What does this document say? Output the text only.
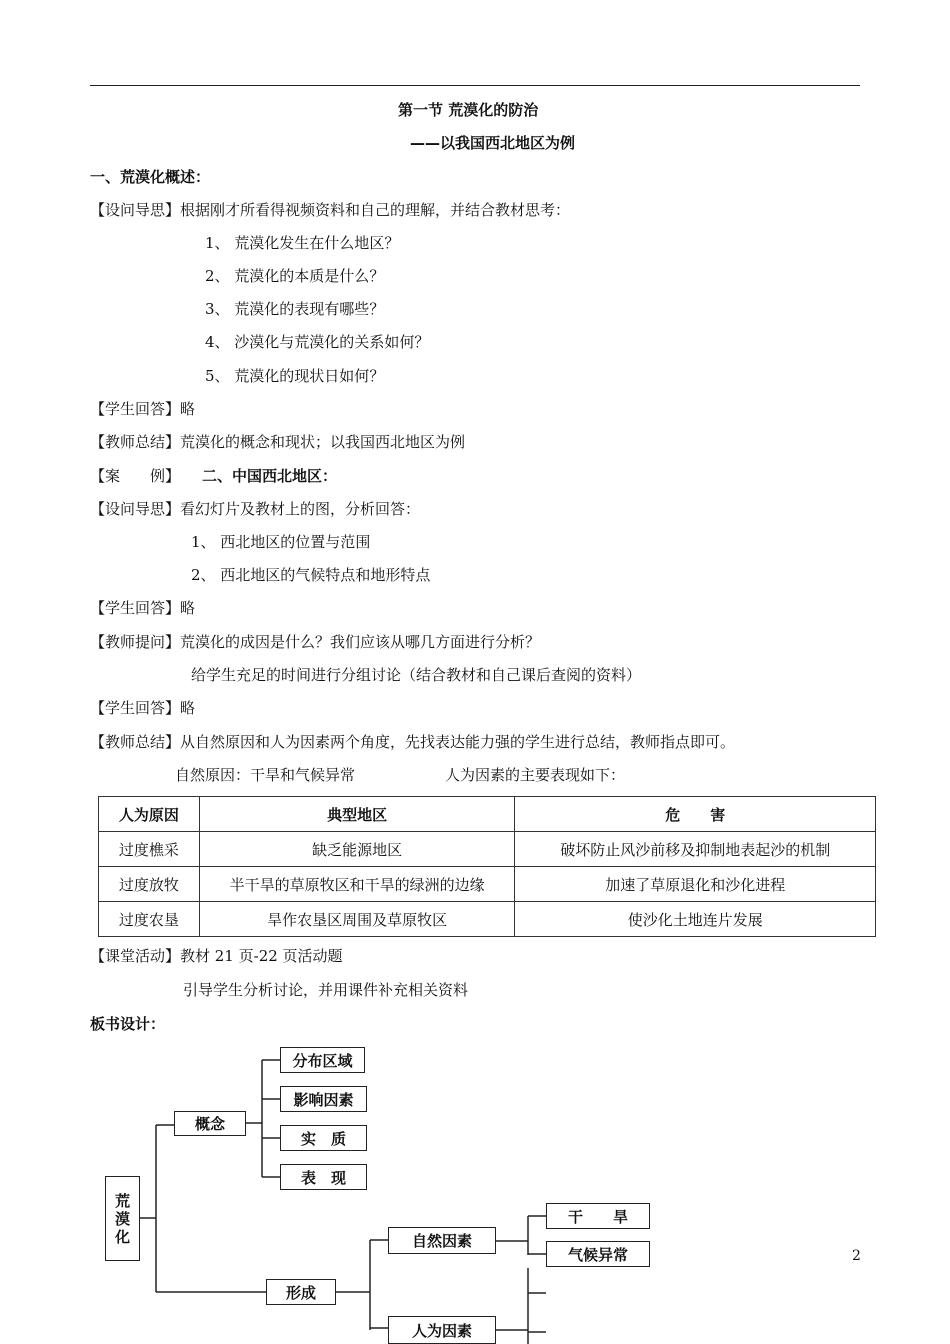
第一节 荒漠化的防治
——以我国西北地区为例
一、荒漠化概述：
【设问导思】根据刚才所看得视频资料和自己的理解，并结合教材思考：
1、 荒漠化发生在什么地区？
2、 荒漠化的本质是什么？
3、 荒漠化的表现有哪些？
4、 沙漠化与荒漠化的关系如何？
5、 荒漠化的现状日如何？
【学生回答】略
【教师总结】荒漠化的概念和现状；以我国西北地区为例
【案　　例】 二、中国西北地区：
【设问导思】看幻灯片及教材上的图，分析回答：
1、 西北地区的位置与范围
2、 西北地区的气候特点和地形特点
【学生回答】略
【教师提问】荒漠化的成因是什么？我们应该从哪几方面进行分析？
给学生充足的时间进行分组讨论（结合教材和自己课后查阅的资料）
【学生回答】略
【教师总结】从自然原因和人为因素两个角度，先找表达能力强的学生进行总结，教师指点即可。
自然原因：干旱和气候异常	人为因素的主要表现如下：
人为原因	典型地区	危　　害
过度樵采	缺乏能源地区	破坏防止风沙前移及抑制地表起沙的机制
过度放牧	半干旱的草原牧区和干旱的绿洲的边缘	加速了草原退化和沙化进程
过度农垦	旱作农垦区周围及草原牧区	使沙化土地连片发展
【课堂活动】教材 21 页-22 页活动题
引导学生分析讨论，并用课件补充相关资料
板书设计：
荒
漠
化
概念
分布区域
影响因素
实　质
表　现
形成
自然因素
干　　旱
气候异常
人为因素
2
